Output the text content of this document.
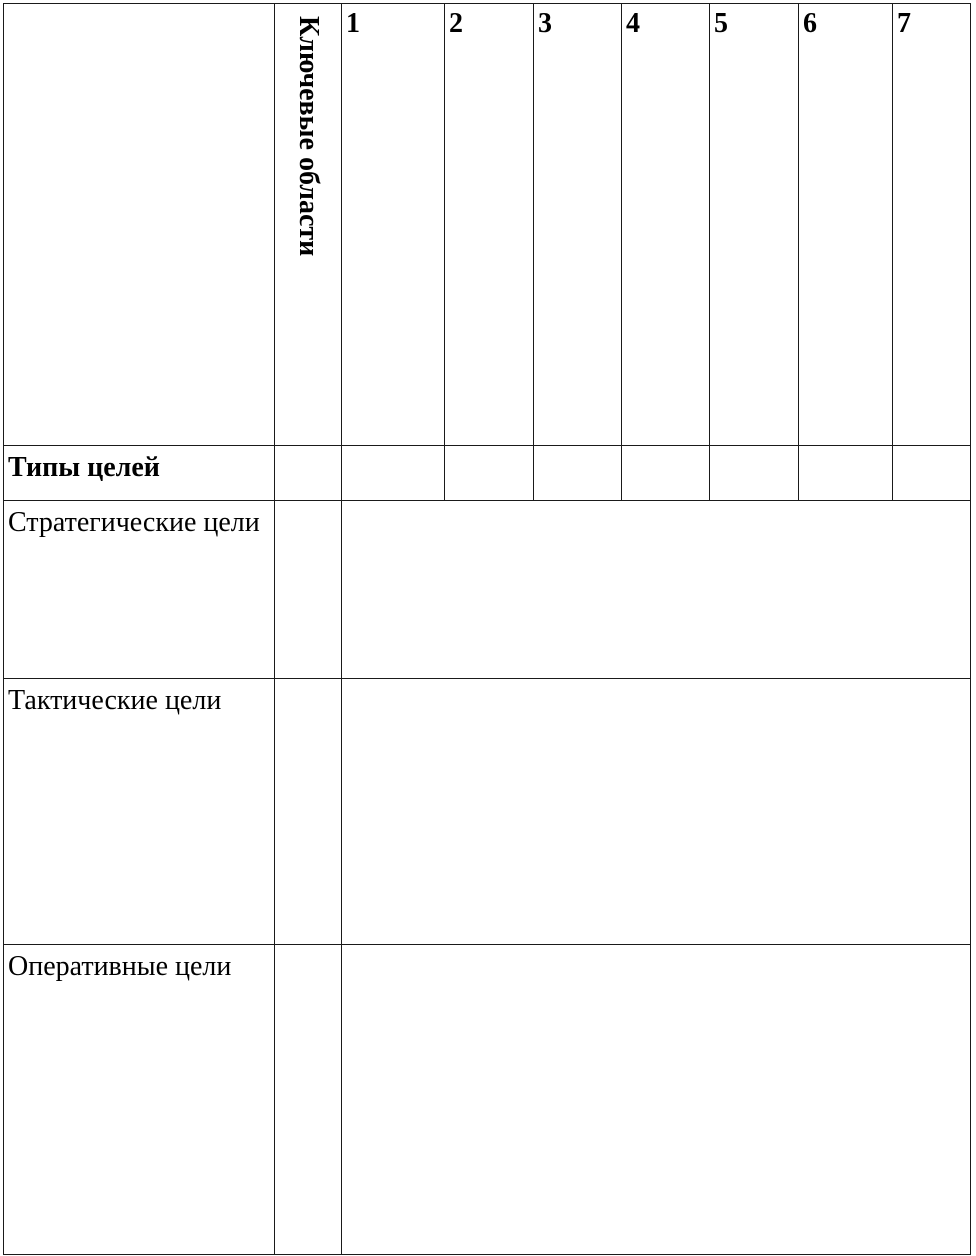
	Ключевые области	1	2	3	4	5	6	7

Типы целей								

Стратегические цели								

Тактические цели								

Оперативные цели								
